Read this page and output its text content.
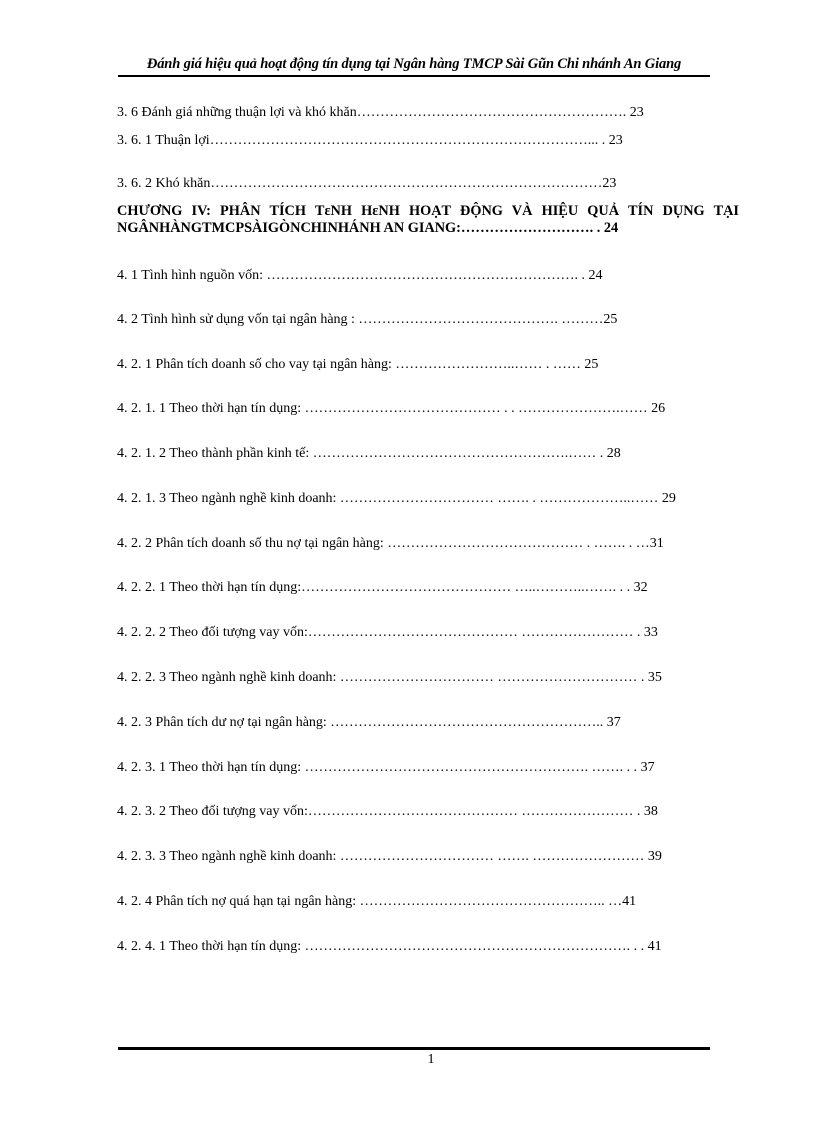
Đánh giá hiệu quả hoạt động tín dụng tại Ngân hàng TMCP Sài Gũn Chi nhánh An Giang
3. 6 Đánh giá những thuận lợi và khó khăn…………………………………………………. 23
3. 6. 1 Thuận lợi………………………………………………………………………... . 23
3. 6. 2 Khó khăn…………………………………………………………………………23
CHƯƠNG IV: PHÂN TÍCH TεNH HεNH HOẠT ĐỘNG VÀ HIỆU QUẢ TÍN DỤNG TẠI NGÂNHÀNGTMCPSÀIGÒNCHINHÁNH AN GIANG:………………………. . 24
4. 1 Tình hình nguồn vốn: …………………………………………………………. . 24
4. 2 Tình hình sử dụng vốn tại ngân hàng : ……………………………………. ………25
4. 2. 1 Phân tích doanh số cho vay tại ngân hàng: ……………………..…… . …… 25
4. 2. 1. 1 Theo thời hạn tín dụng: …………………………………… . . ………………….…… 26
4. 2. 1. 2 Theo thành phần kinh tế: ……………………………………………….…… . 28
4. 2. 1. 3 Theo ngành nghề kinh doanh: …………………………… ……. . ………………..…… 29
4. 2. 2 Phân tích doanh số thu nợ tại ngân hàng: …………………………………… . ……. . …31
4. 2. 2. 1 Theo thời hạn tín dụng:……………………………………… …..………..……. . . 32
4. 2. 2. 2 Theo đối tượng vay vốn:……………………………………… …………………… . 33
4. 2. 2. 3 Theo ngành nghề kinh doanh: …………………………… ………………………… . 35
4. 2. 3 Phân tích dư nợ tại ngân hàng: ………………………………………………….. 37
4. 2. 3. 1 Theo thời hạn tín dụng: ……………………………………………………. ……. . . 37
4. 2. 3. 2 Theo đối tượng vay vốn:……………………………………… …………………… . 38
4. 2. 3. 3 Theo ngành nghề kinh doanh: …………………………… ……. …………………… 39
4. 2. 4 Phân tích nợ quá hạn tại ngân hàng: …………………………………………….. …41
4. 2. 4. 1 Theo thời hạn tín dụng: ……………………………………………………………. . . 41
1
